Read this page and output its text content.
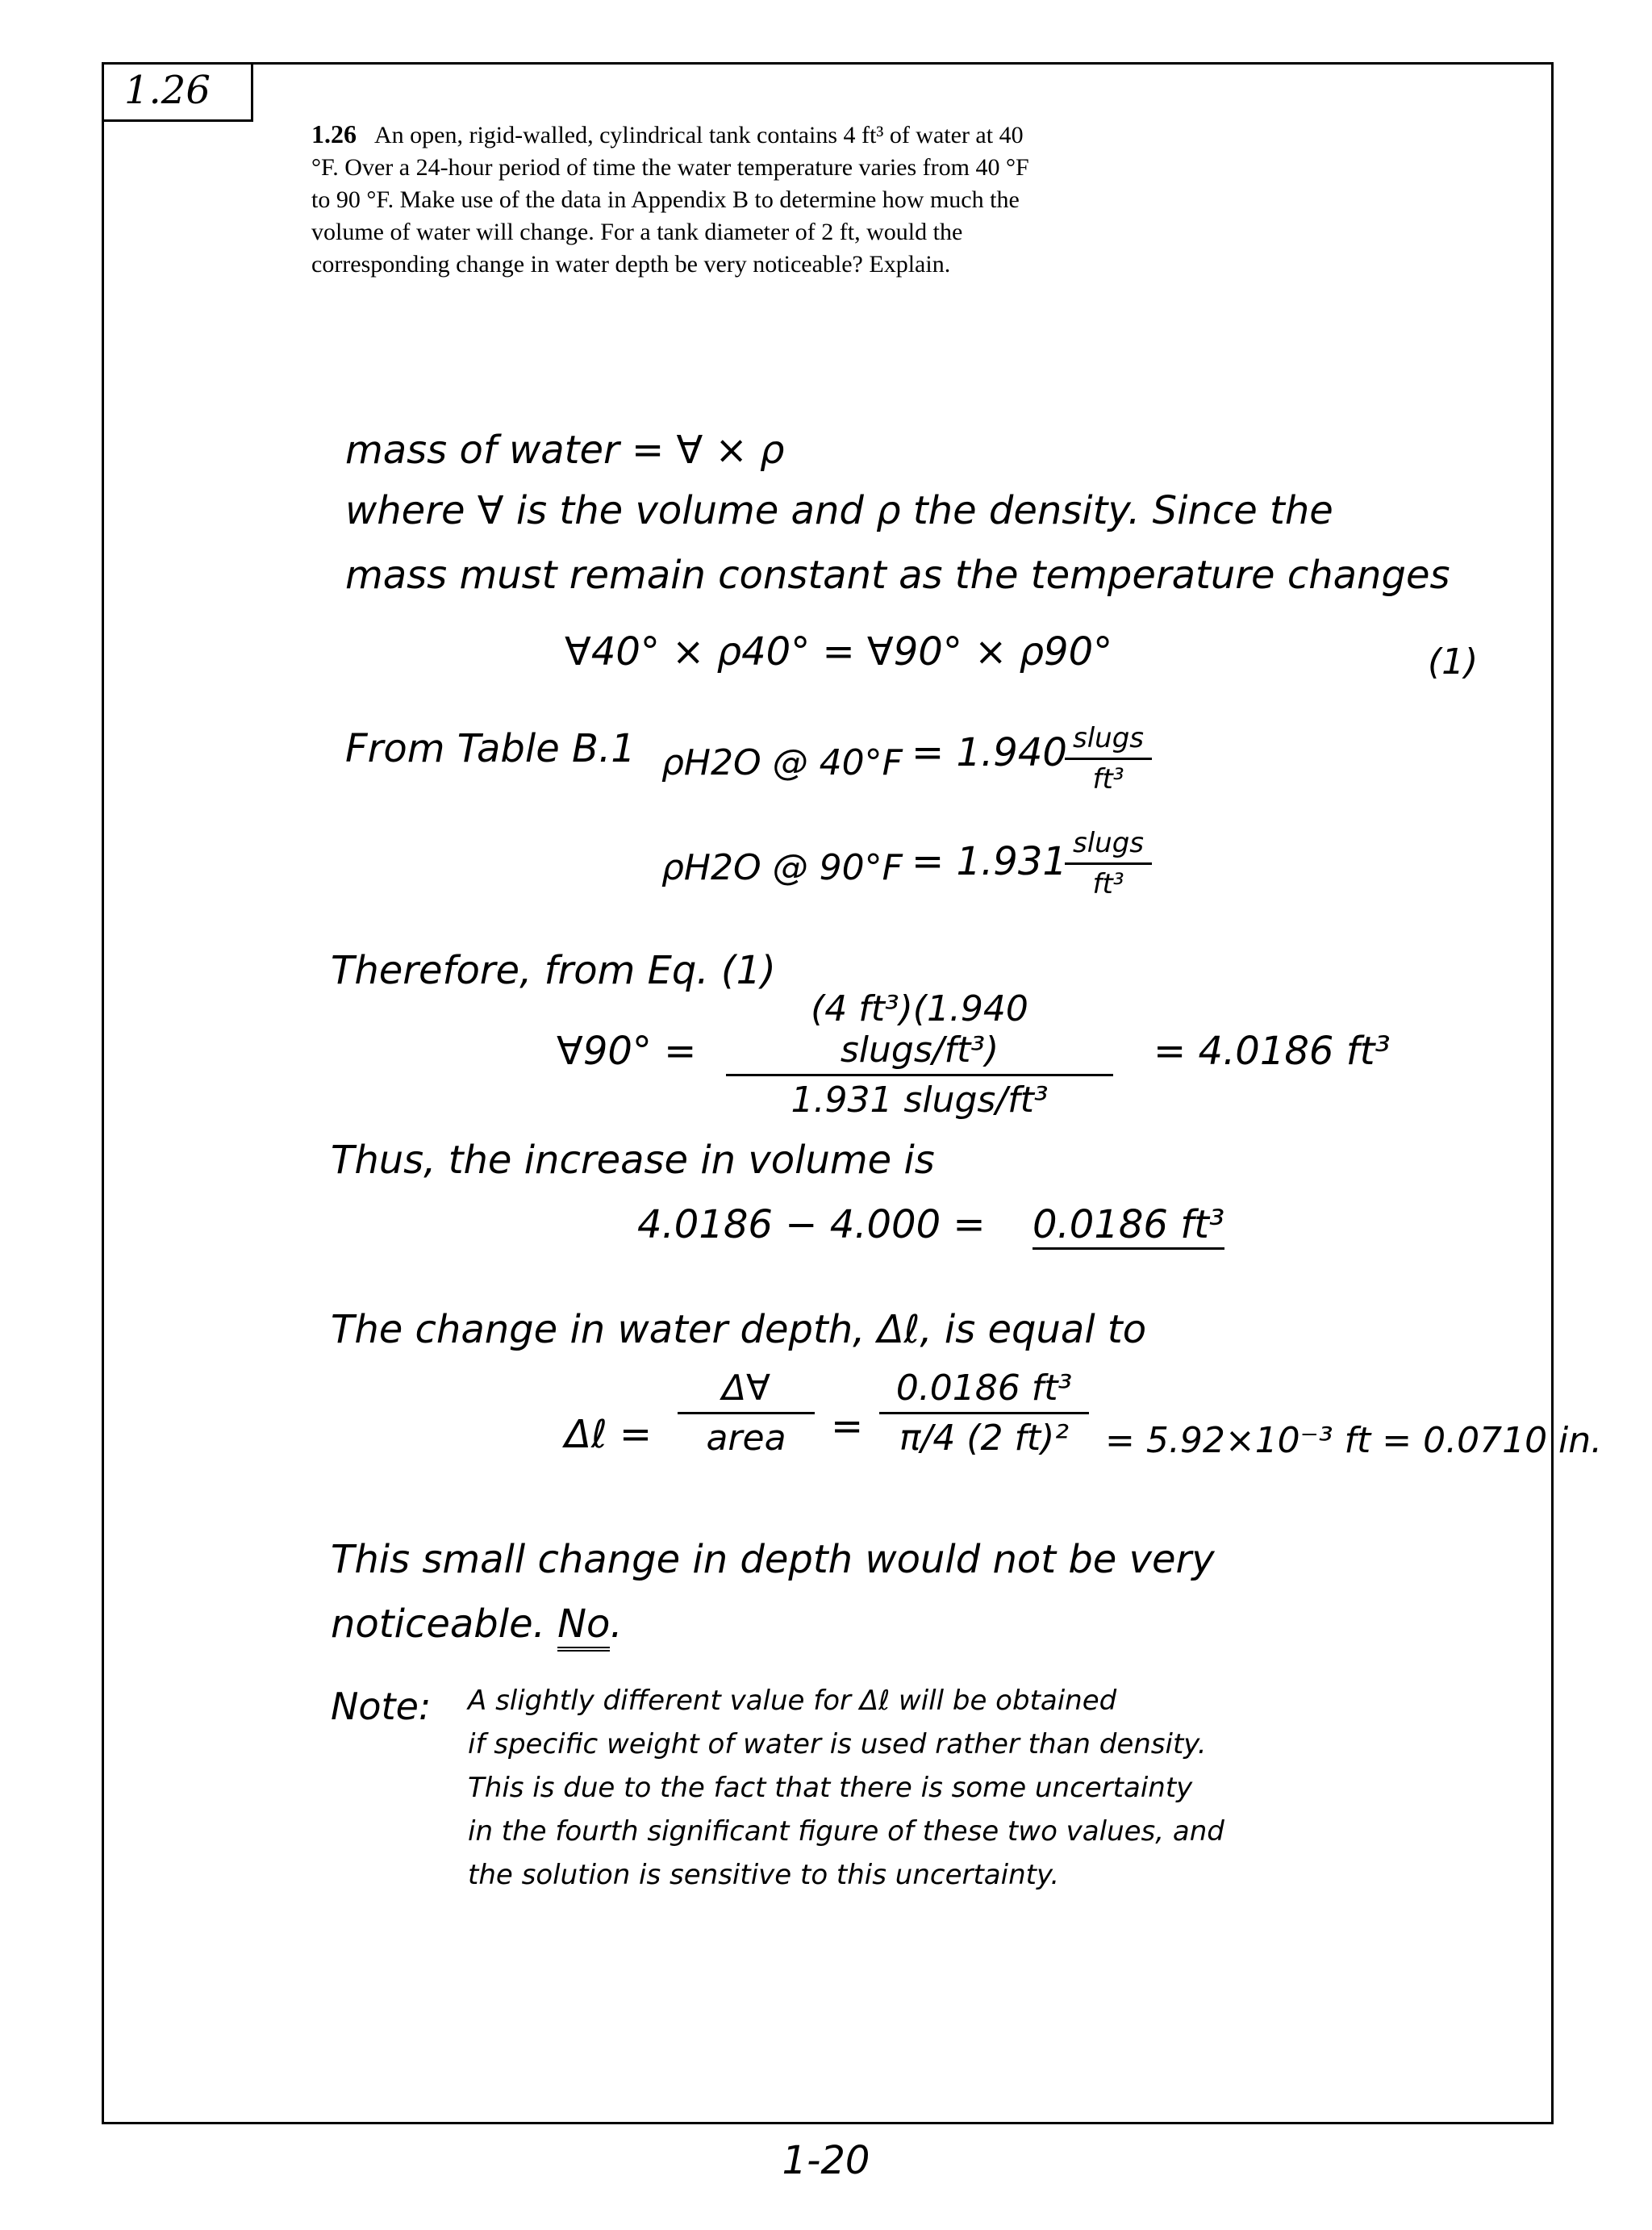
1.26
1.26 An open, rigid-walled, cylindrical tank contains 4 ft³ of water at 40 °F. Over a 24-hour period of time the water temperature varies from 40 °F to 90 °F. Make use of the data in Appendix B to determine how much the volume of water will change. For a tank diameter of 2 ft, would the corresponding change in water depth be very noticeable? Explain.
mass of water = ∀ × ρ
where ∀ is the volume and ρ the density. Since the
mass must remain constant as the temperature changes
∀40° × ρ40° = ∀90° × ρ90°	(1)
From Table B.1 ρH2O @ 40°F = 1.940 slugs
ft³
ρH2O @ 90°F = 1.931 slugs
ft³
Therefore, from Eq. (1)
∀90° =
(4 ft³)(1.940 slugs/ft³)
1.931 slugs/ft³
= 4.0186 ft³
Thus, the increase in volume is
4.0186 − 4.000 = 0.0186 ft³
The change in water depth, Δℓ, is equal to
Δℓ =
Δ∀
area	= $\frac{\text{0.0186 ft³}}{\text{π/4 (2 ft)²}} = 5.92\times 10^{-3}$ ft = 0.0710 in.
This small change in depth would not be very
noticeable. No.
Note: A slightly different value for Δℓ will be obtained
if specific weight of water is used rather than density.
This is due to the fact that there is some uncertainty
in the fourth significant figure of these two values, and
the solution is sensitive to this uncertainty.
1-20
